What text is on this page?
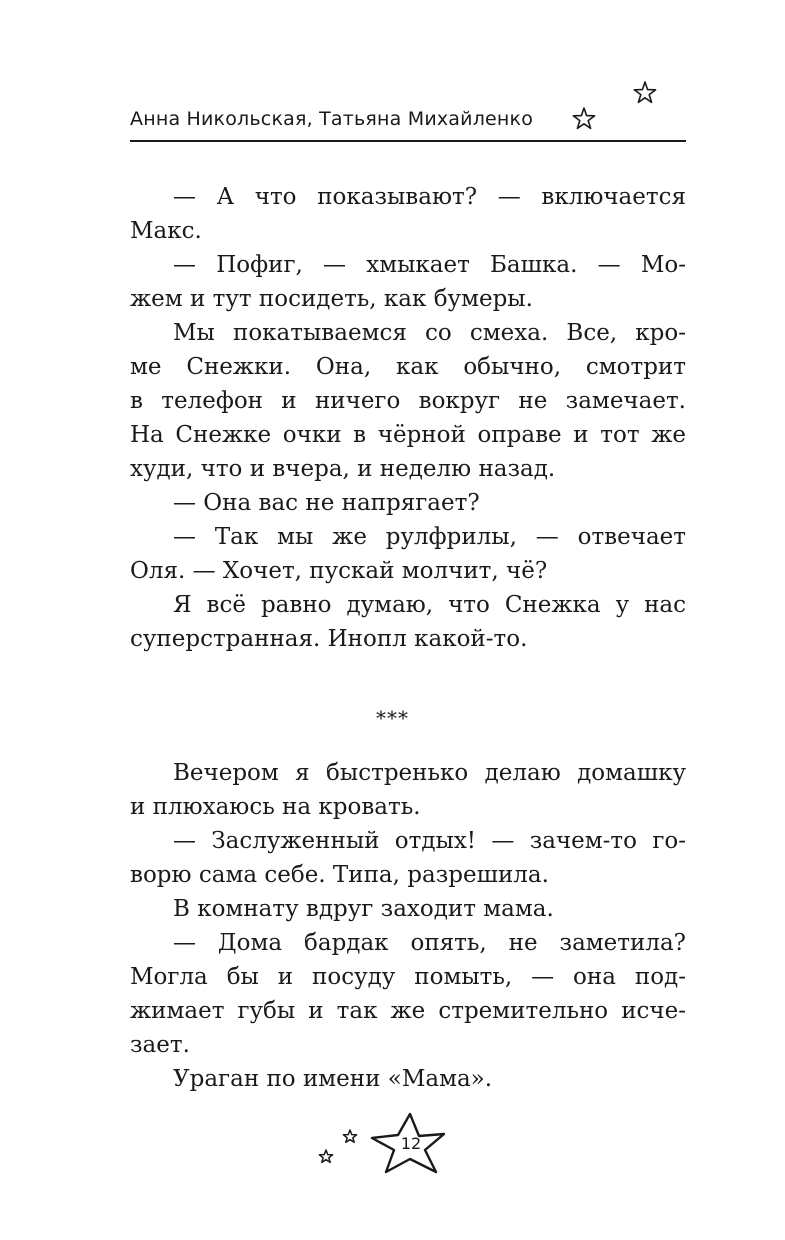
Анна Никольская, Татьяна Михайленко

— А что показывают? — включается
Макс.

— Пофиг, — хмыкает Башка. — Мо-
жем и тут посидеть, как бумеры.

Мы покатываемся со смеха. Все, кро-
ме Снежки. Она, как обычно, смотрит
в телефон и ничего вокруг не замечает.
На Снежке очки в чёрной оправе и тот же
худи, что и вчера, и неделю назад.

— Она вас не напрягает?

— Так мы же рулфрилы, — отвечает
Оля. — Хочет, пускай молчит, чё?

Я всё равно думаю, что Снежка у нас
суперстранная. Инопл какой-то.

***

Вечером я быстренько делаю домашку
и плюхаюсь на кровать.

— Заслуженный отдых! — зачем-то го-
ворю сама себе. Типа, разрешила.

В комнату вдруг заходит мама.

— Дома бардак опять, не заметила?
Могла бы и посуду помыть, — она под-
жимает губы и так же стремительно исче-
зает.

Ураган по имени «Мама».

12
